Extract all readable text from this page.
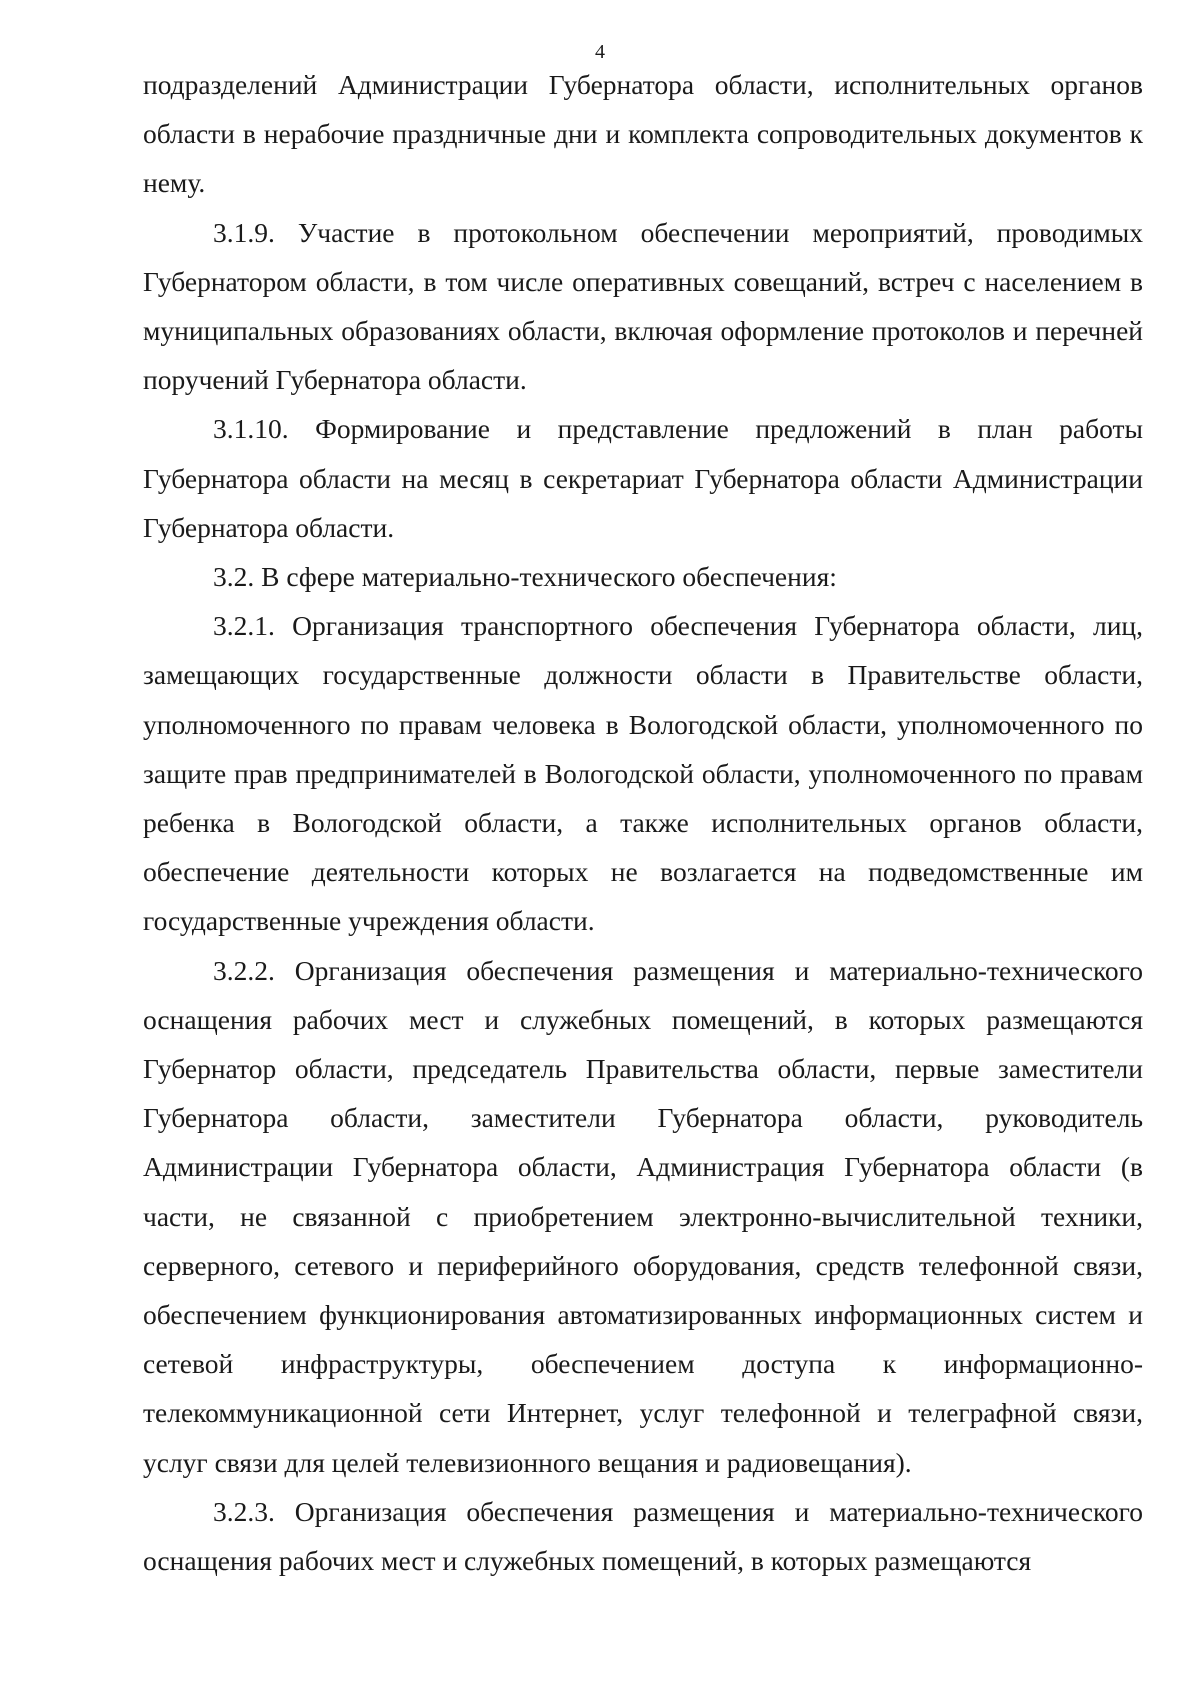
4

подразделений Администрации Губернатора области, исполнительных органов области в нерабочие праздничные дни и комплекта сопроводительных документов к нему.

3.1.9. Участие в протокольном обеспечении мероприятий, проводимых Губернатором области, в том числе оперативных совещаний, встреч с населением в муниципальных образованиях области, включая оформление протоколов и перечней поручений Губернатора области.

3.1.10. Формирование и представление предложений в план работы Губернатора области на месяц в секретариат Губернатора области Администрации Губернатора области.

3.2. В сфере материально-технического обеспечения:

3.2.1. Организация транспортного обеспечения Губернатора области, лиц, замещающих государственные должности области в Правительстве области, уполномоченного по правам человека в Вологодской области, уполномоченного по защите прав предпринимателей в Вологодской области, уполномоченного по правам ребенка в Вологодской области, а также исполнительных органов области, обеспечение деятельности которых не возлагается на подведомственные им государственные учреждения области.

3.2.2. Организация обеспечения размещения и материально-технического оснащения рабочих мест и служебных помещений, в которых размещаются Губернатор области, председатель Правительства области, первые заместители Губернатора области, заместители Губернатора области, руководитель Администрации Губернатора области, Администрация Губернатора области (в части, не связанной с приобретением электронно-вычислительной техники, серверного, сетевого и периферийного оборудования, средств телефонной связи, обеспечением функционирования автоматизированных информационных систем и сетевой инфраструктуры, обеспечением доступа к информационно-телекоммуникационной сети Интернет, услуг телефонной и телеграфной связи, услуг связи для целей телевизионного вещания и радиовещания).

3.2.3. Организация обеспечения размещения и материально-технического оснащения рабочих мест и служебных помещений, в которых размещаются
